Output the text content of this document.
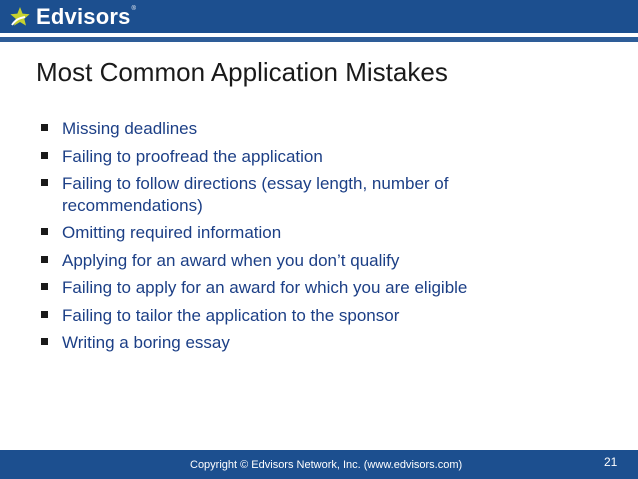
Edvisors ®
Most Common Application Mistakes
Missing deadlines
Failing to proofread the application
Failing to follow directions (essay length, number of
recommendations)
Omitting required information
Applying for an award when you don’t qualify
Failing to apply for an award for which you are eligible
Failing to tailor the application to the sponsor
Writing a boring essay
Copyright © Edvisors Network, Inc. (www.edvisors.com)	21
